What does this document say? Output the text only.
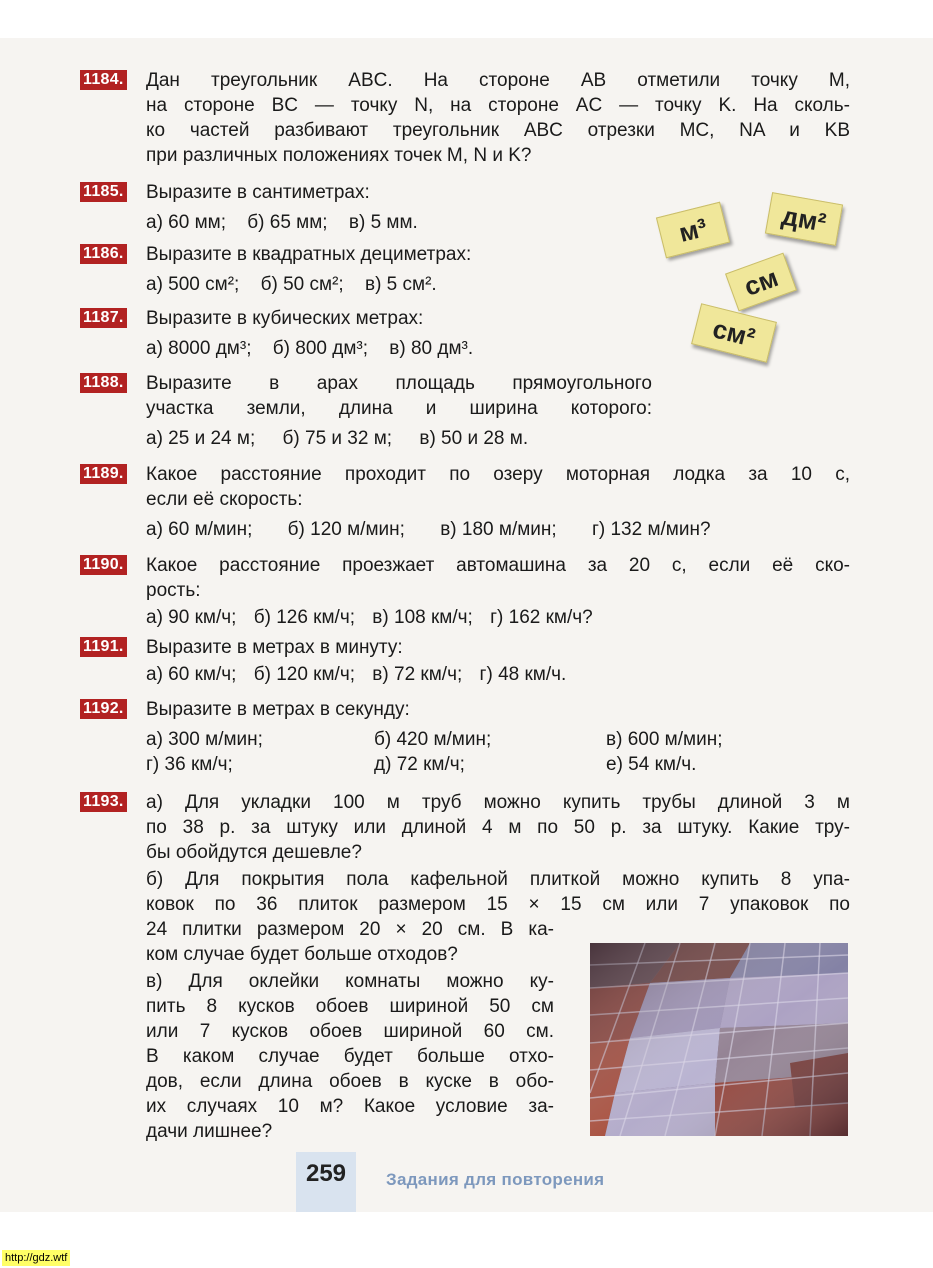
1184. Дан треугольник ABC. На стороне AB отметили точку M,
на стороне BC — точку N, на стороне AC — точку K. На сколь-
ко частей разбивают треугольник ABC отрезки MC, NA и KB
при различных положениях точек M, N и K?
1185. Выразите в сантиметрах:
а) 60 мм; б) 65 мм; в) 5 мм.
1186. Выразите в квадратных дециметрах:
а) 500 см²; б) 50 см²; в) 5 см².
1187. Выразите в кубических метрах:
а) 8000 дм³; б) 800 дм³; в) 80 дм³.
1188. Выразите в арах площадь прямоугольного
участка земли, длина и ширина которого:
а) 25 и 24 м; б) 75 и 32 м; в) 50 и 28 м.
1189. Какое расстояние проходит по озеру моторная лодка за 10 с,
если её скорость:
а) 60 м/мин; б) 120 м/мин; в) 180 м/мин; г) 132 м/мин?
1190. Какое расстояние проезжает автомашина за 20 с, если её ско-
рость:
а) 90 км/ч; б) 126 км/ч; в) 108 км/ч; г) 162 км/ч?
1191. Выразите в метрах в минуту:
а) 60 км/ч; б) 120 км/ч; в) 72 км/ч; г) 48 км/ч.
1192. Выразите в метрах в секунду:
а) 300 м/мин;	б) 420 м/мин;	в) 600 м/мин;
г) 36 км/ч;	д) 72 км/ч;	е) 54 км/ч.
1193. а) Для укладки 100 м труб можно купить трубы длиной 3 м
по 38 р. за штуку или длиной 4 м по 50 р. за штуку. Какие тру-
бы обойдутся дешевле?
б) Для покрытия пола кафельной плиткой можно купить 8 упа-
ковок по 36 плиток размером 15 × 15 см или 7 упаковок по
24 плитки размером 20 × 20 см. В ка-
ком случае будет больше отходов?
в) Для оклейки комнаты можно ку-
пить 8 кусков обоев шириной 50 см
или 7 кусков обоев шириной 60 см.
В каком случае будет больше отхо-
дов, если длина обоев в куске в обо-
их случаях 10 м? Какое условие за-
дачи лишнее?
м³	дм²
см
см²
259	Задания для повторения
http://gdz.wtf
